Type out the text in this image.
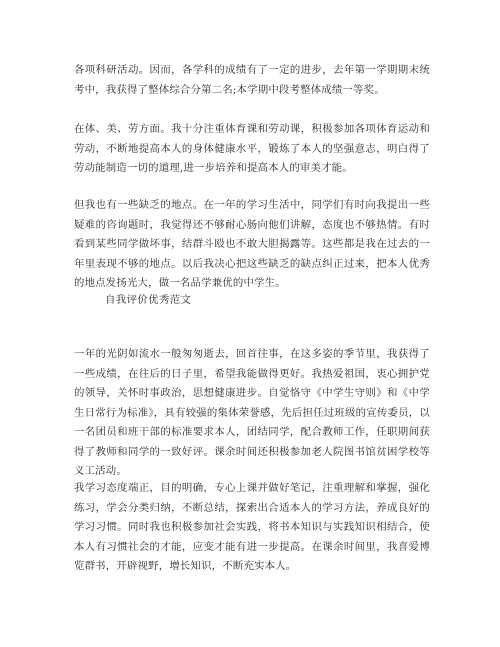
各项科研活动。因而，各学科的成绩有了一定的进步，去年第一学期期末统考中，我获得了整体综合分第二名;本学期中段考整体成绩一等奖。

在体、美、劳方面。我十分注重体育课和劳动课，积极参加各项体育运动和劳动，不断地提高本人的身体健康水平，锻炼了本人的坚强意志，明白得了劳动能制造一切的道理,进一步培养和提高本人的审美才能。

但我也有一些缺乏的地点。在一年的学习生活中，同学们有时向我提出一些疑难的咨询题时，我觉得还不够耐心肠向他们讲解，态度也不够热情。有时看到某些同学做坏事，结群斗殴也不敢大胆揭露等。这些都是我在过去的一年里表现不够的地点。以后我决心把这些缺乏的缺点纠正过来，把本人优秀的地点发扬光大，做一名品学兼优的中学生。

自我评价优秀范文

一年的光阴如流水一般匆匆逝去，回首往事，在这多姿的季节里，我获得了一些成绩，在往后的日子里，希望我能做得更好。我热爱祖国，衷心拥护党的领导，关怀时事政治，思想健康进步。自觉恪守《中学生守则》和《中学生日常行为标准》，具有较强的集体荣誉感，先后担任过班级的宣传委员，以一名团员和班干部的标准要求本人，团结同学，配合教师工作，任职期间获得了教师和同学的一致好评。课余时间还积极参加老人院图书馆贫困学校等义工活动。

我学习态度端正，目的明确，专心上课并做好笔记，注重理解和掌握，强化练习，学会分类归纳，不断总结，探索出合适本人的学习方法，养成良好的学习习惯。同时我也积极参加社会实践，将书本知识与实践知识相结合，使本人有习惯社会的才能，应变才能有进一步提高。在课余时间里，我喜爱博览群书，开辟视野，增长知识，不断充实本人。
